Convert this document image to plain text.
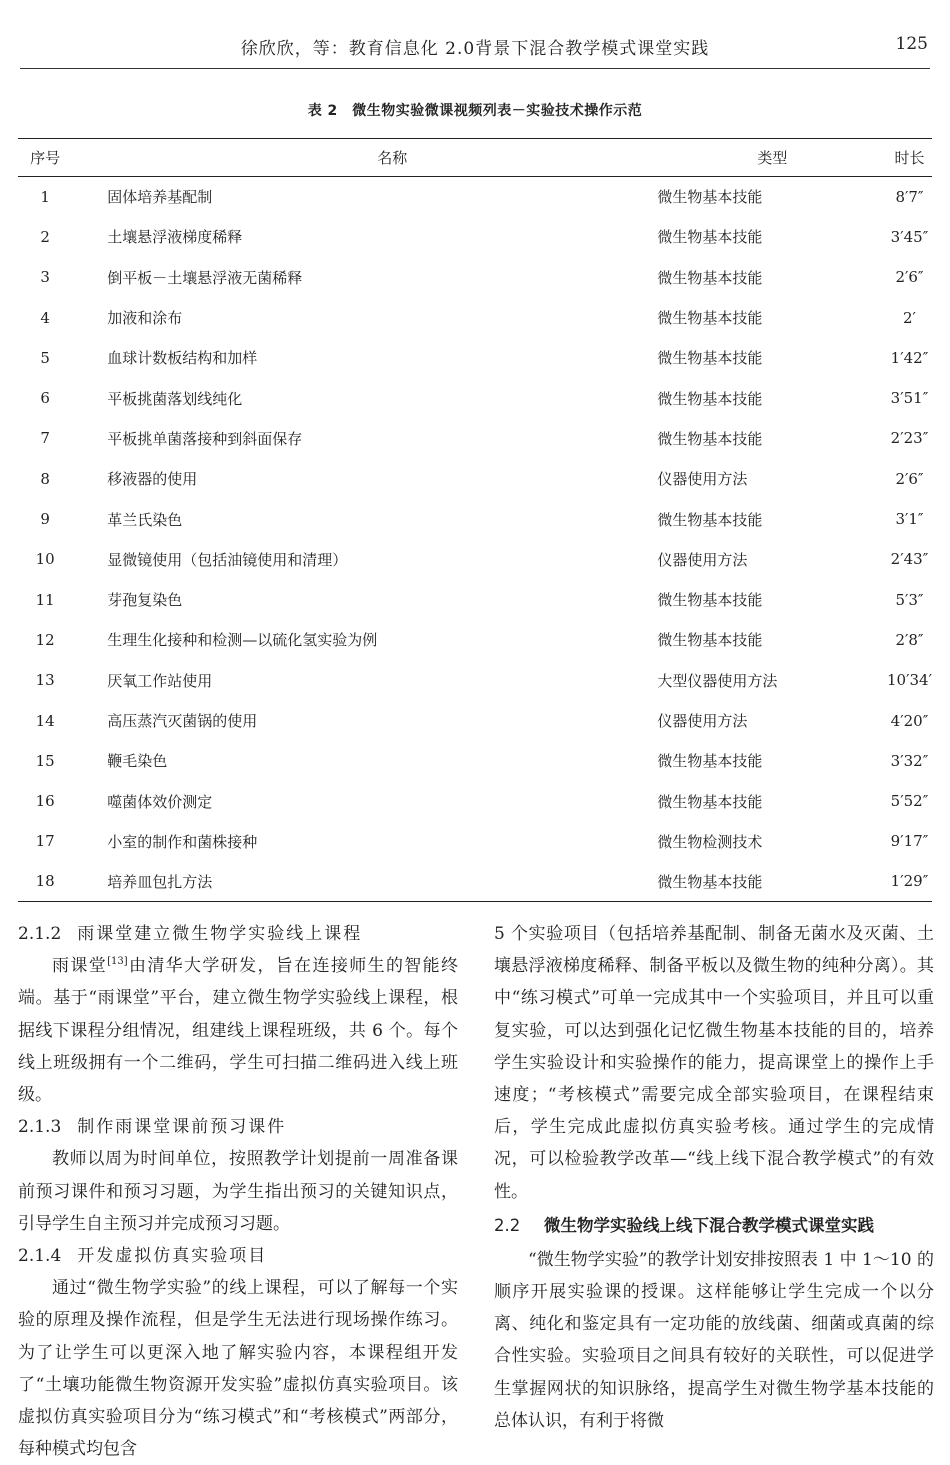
徐欣欣，等：教育信息化 2.0背景下混合教学模式课堂实践	125
表 2　微生物实验微课视频列表－实验技术操作示范
序号	名称	类型	时长
1	固体培养基配制	微生物基本技能	8′7″
2	土壤悬浮液梯度稀释	微生物基本技能	3′45″
3	倒平板－土壤悬浮液无菌稀释	微生物基本技能	2′6″
4	加液和涂布	微生物基本技能	2′
5	血球计数板结构和加样	微生物基本技能	1′42″
6	平板挑菌落划线纯化	微生物基本技能	3′51″
7	平板挑单菌落接种到斜面保存	微生物基本技能	2′23″
8	移液器的使用	仪器使用方法	2′6″
9	革兰氏染色	微生物基本技能	3′1″
10	显微镜使用（包括油镜使用和清理）	仪器使用方法	2′43″
11	芽孢复染色	微生物基本技能	5′3″
12	生理生化接种和检测—以硫化氢实验为例	微生物基本技能	2′8″
13	厌氧工作站使用	大型仪器使用方法	10′34′
14	高压蒸汽灭菌锅的使用	仪器使用方法	4′20″
15	鞭毛染色	微生物基本技能	3′32″
16	噬菌体效价测定	微生物基本技能	5′52″
17	小室的制作和菌株接种	微生物检测技术	9′17″
18	培养皿包扎方法	微生物基本技能	1′29″
2.1.2 雨课堂建立微生物学实验线上课程

雨课堂[13]由清华大学研发，旨在连接师生的智能终端。基于“雨课堂”平台，建立微生物学实验线上课程，根据线下课程分组情况，组建线上课程班级，共 6 个。每个线上班级拥有一个二维码，学生可扫描二维码进入线上班级。

2.1.3 制作雨课堂课前预习课件

教师以周为时间单位，按照教学计划提前一周准备课前预习课件和预习习题，为学生指出预习的关键知识点，引导学生自主预习并完成预习习题。

2.1.4 开发虚拟仿真实验项目

通过“微生物学实验”的线上课程，可以了解每一个实验的原理及操作流程，但是学生无法进行现场操作练习。为了让学生可以更深入地了解实验内容，本课程组开发了“土壤功能微生物资源开发实验”虚拟仿真实验项目。该虚拟仿真实验项目分为“练习模式”和“考核模式”两部分，每种模式均包含

5 个实验项目（包括培养基配制、制备无菌水及灭菌、土壤悬浮液梯度稀释、制备平板以及微生物的纯种分离）。其中“练习模式”可单一完成其中一个实验项目，并且可以重复实验，可以达到强化记忆微生物基本技能的目的，培养学生实验设计和实验操作的能力，提高课堂上的操作上手速度；“考核模式”需要完成全部实验项目，在课程结束后，学生完成此虚拟仿真实验考核。通过学生的完成情况，可以检验教学改革—“线上线下混合教学模式”的有效性。

2.2	微生物学实验线上线下混合教学模式课堂实践

“微生物学实验”的教学计划安排按照表 1 中 1～10 的顺序开展实验课的授课。这样能够让学生完成一个以分离、纯化和鉴定具有一定功能的放线菌、细菌或真菌的综合性实验。实验项目之间具有较好的关联性，可以促进学生掌握网状的知识脉络，提高学生对微生物学基本技能的总体认识，有利于将微
